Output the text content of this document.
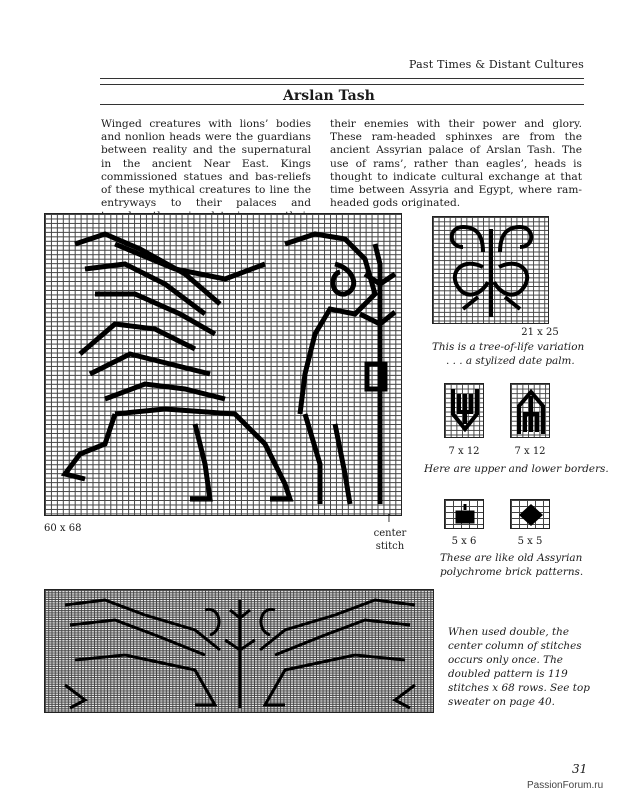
Past Times & Distant Cultures
Arslan Tash
Winged creatures with lions’ bodies and nonlion heads were the guardians between reality and the supernatural in the ancient Near East. Kings commissioned statues and bas-reliefs of these mythical creatures to line the entryways to their palaces and
their enemies with their power and glory. These ram-headed sphinxes are from the ancient Assyrian palace of Arslan Tash. The use of rams’, rather than eagles’, heads is thought to indicate cultural exchange at that time between Assyria and Egypt, where ram-headed gods originated.
60 x 68
↑
center
stitch
21 x 25
This is a tree-of-life variation
. . . a stylized date palm.
7 x 12	7 x 12
Here are upper and lower borders.
5 x 6	5 x 5
These are like old Assyrian
polychrome brick patterns.
When used double, the center column of stitches occurs only once. The doubled pattern is 119 stitches x 68 rows. See top sweater on page 40.
31
PassionForum.ru
